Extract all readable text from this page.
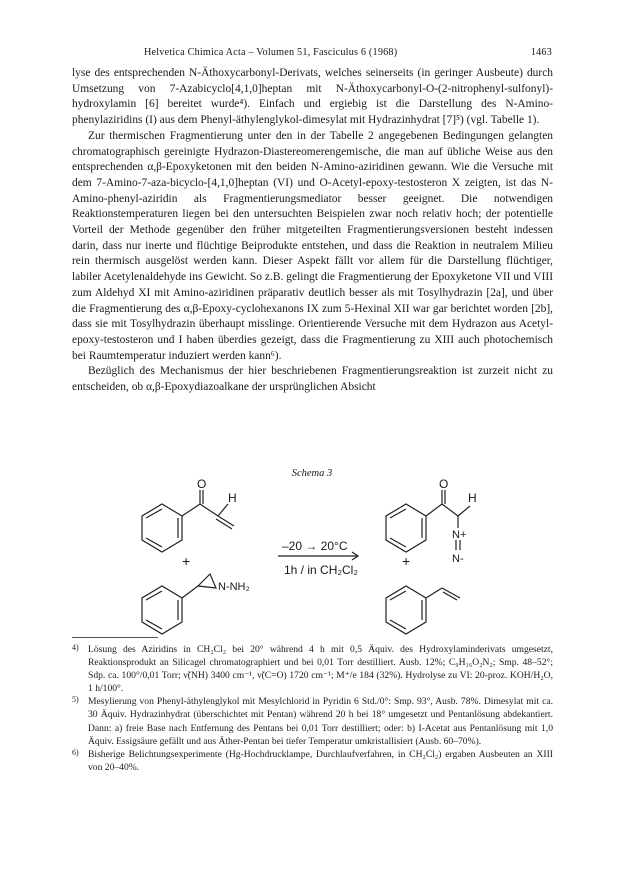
Helvetica Chimica Acta – Volumen 51, Fasciculus 6 (1968)	1463

lyse des entsprechenden N-Äthoxycarbonyl-Derivats, welches seinerseits (in geringer Ausbeute) durch Umsetzung von 7-Azabicyclo[4,1,0]heptan mit N-Äthoxycarbonyl-O-(2-nitrophenyl-sulfonyl)-hydroxylamin [6] bereitet wurde⁴). Einfach und ergiebig ist die Darstellung des N-Amino-phenylaziridins (I) aus dem Phenyl-äthylenglykol-dimesylat mit Hydrazinhydrat [7]⁵) (vgl. Tabelle 1).

Zur thermischen Fragmentierung unter den in der Tabelle 2 angegebenen Bedingungen gelangten chromatographisch gereinigte Hydrazon-Diastereomerengemische, die man auf übliche Weise aus den entsprechenden α,β-Epoxyketonen mit den beiden N-Amino-aziridinen gewann. Wie die Versuche mit dem 7-Amino-7-aza-bicyclo-[4,1,0]heptan (VI) und O-Acetyl-epoxy-testosteron X zeigten, ist das N-Amino-phenyl-aziridin als Fragmentierungsmediator besser geeignet. Die notwendigen Reaktionstemperaturen liegen bei den untersuchten Beispielen zwar noch relativ hoch; der potentielle Vorteil der Methode gegenüber den früher mitgeteilten Fragmentierungsversionen besteht indessen darin, dass nur inerte und flüchtige Beiprodukte entstehen, und dass die Reaktion in neutralem Milieu rein thermisch ausgelöst werden kann. Dieser Aspekt fällt vor allem für die Darstellung flüchtiger, labiler Acetylenaldehyde ins Gewicht. So z.B. gelingt die Fragmentierung der Epoxyketone VII und VIII zum Aldehyd XI mit Amino-aziridinen präparativ deutlich besser als mit Tosylhydrazin [2a], und über die Fragmentierung des α,β-Epoxy-cyclohexanons IX zum 5-Hexinal XII war gar berichtet worden [2b], dass sie mit Tosylhydrazin überhaupt misslinge. Orientierende Versuche mit dem Hydrazon aus Acetyl-epoxy-testosteron und I haben überdies gezeigt, dass die Fragmentierung zu XIII auch photochemisch bei Raumtemperatur induziert werden kann⁶).

Bezüglich des Mechanismus der hier beschriebenen Fragmentierungsreaktion ist zurzeit nicht zu entscheiden, ob α,β-Epoxydiazoalkane der ursprünglichen Absicht

Schema 3
O
H
N-NH₂
+
–20 → 20°C
1h / in CH₂Cl₂
O
H
N+
N-
+
4) Lösung des Aziridins in CH₂Cl₂ bei 20° während 4 h mit 0,5 Äquiv. des Hydroxylaminderivats umgesetzt, Reaktionsprodukt an Silicagel chromatographiert und bei 0,01 Torr destilliert. Ausb. 12%; C₉H₁₆O₂N₂; Smp. 48–52°; Sdp. ca. 100°/0,01 Torr; ν̃(NH) 3400 cm⁻¹, ν̃(C=O) 1720 cm⁻¹; M⁺/e 184 (32%). Hydrolyse zu VI: 20-proz. KOH/H₂O, 1 h/100°.
5) Mesylierung von Phenyl-äthylenglykol mit Mesylchlorid in Pyridin 6 Std./0°: Smp. 93°, Ausb. 78%. Dimesylat mit ca. 30 Äquiv. Hydrazinhydrat (überschichtet mit Pentan) während 20 h bei 18° umgesetzt und Pentanlösung abdekantiert. Dann: a) freie Base nach Entfernung des Pentans bei 0,01 Torr destilliert; oder: b) I-Acetat aus Pentanlösung mit 1,0 Äquiv. Essigsäure gefällt und aus Äther-Pentan bei tiefer Temperatur umkristallisiert (Ausb. 60–70%).
6) Bisherige Belichtungsexperimente (Hg-Hochdrucklampe, Durchlaufverfahren, in CH₂Cl₂) ergaben Ausbeuten an XIII von 20–40%.
